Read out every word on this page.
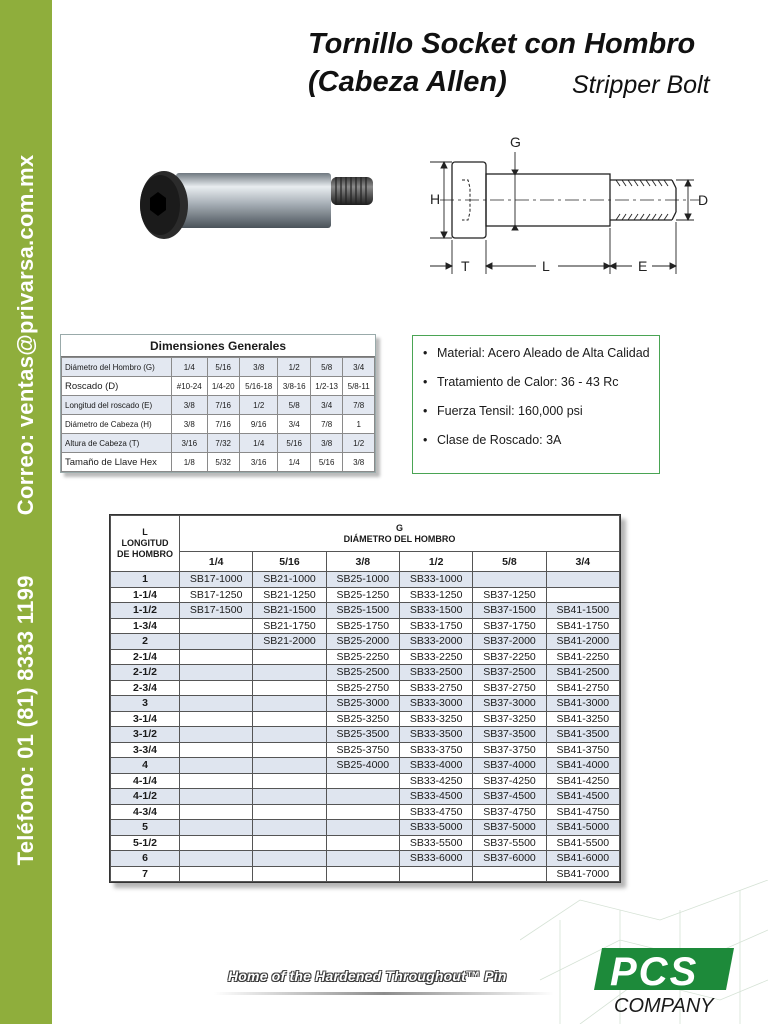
Teléfono: 01 (81) 8333 1199Correo: ventas@privarsa.com.mx
Tornillo Socket con Hombro
(Cabeza Allen)	Stripper Bolt
G
H	D
T	L	E
Dimensiones Generales
Diámetro del Hombro (G)	1/4	5/16	3/8	1/2	5/8	3/4
Roscado (D)	#10-24	1/4-20	5/16-18	3/8-16	1/2-13	5/8-11
Longitud del roscado (E)	3/8	7/16	1/2	5/8	3/4	7/8
Diámetro de Cabeza (H)	3/8	7/16	9/16	3/4	7/8	1
Altura de Cabeza (T)	3/16	7/32	1/4	5/16	3/8	1/2
Tamaño de Llave Hex	1/8	5/32	3/16	1/4	5/16	3/8
• Material: Acero Aleado de Alta Calidad
• Tratamiento de Calor: 36 - 43 Rc
• Fuerza Tensil: 160,000 psi
• Clase de Roscado: 3A
L
LONGITUD
DE HOMBRO	G
DIÁMETRO DEL HOMBRO					
	1/4	5/16	3/8	1/2	5/8	3/4
1	SB17-1000	SB21-1000	SB25-1000	SB33-1000		
1-1/4	SB17-1250	SB21-1250	SB25-1250	SB33-1250	SB37-1250	
1-1/2	SB17-1500	SB21-1500	SB25-1500	SB33-1500	SB37-1500	SB41-1500
1-3/4		SB21-1750	SB25-1750	SB33-1750	SB37-1750	SB41-1750
2		SB21-2000	SB25-2000	SB33-2000	SB37-2000	SB41-2000
2-1/4			SB25-2250	SB33-2250	SB37-2250	SB41-2250
2-1/2			SB25-2500	SB33-2500	SB37-2500	SB41-2500
2-3/4			SB25-2750	SB33-2750	SB37-2750	SB41-2750
3			SB25-3000	SB33-3000	SB37-3000	SB41-3000
3-1/4			SB25-3250	SB33-3250	SB37-3250	SB41-3250
3-1/2			SB25-3500	SB33-3500	SB37-3500	SB41-3500
3-3/4			SB25-3750	SB33-3750	SB37-3750	SB41-3750
4			SB25-4000	SB33-4000	SB37-4000	SB41-4000
4-1/4				SB33-4250	SB37-4250	SB41-4250
4-1/2				SB33-4500	SB37-4500	SB41-4500
4-3/4				SB33-4750	SB37-4750	SB41-4750
5				SB33-5000	SB37-5000	SB41-5000
5-1/2				SB33-5500	SB37-5500	SB41-5500
6				SB33-6000	SB37-6000	SB41-6000
7						SB41-7000
Home of the Hardened Throughout™ Pin	PCS
COMPANY
